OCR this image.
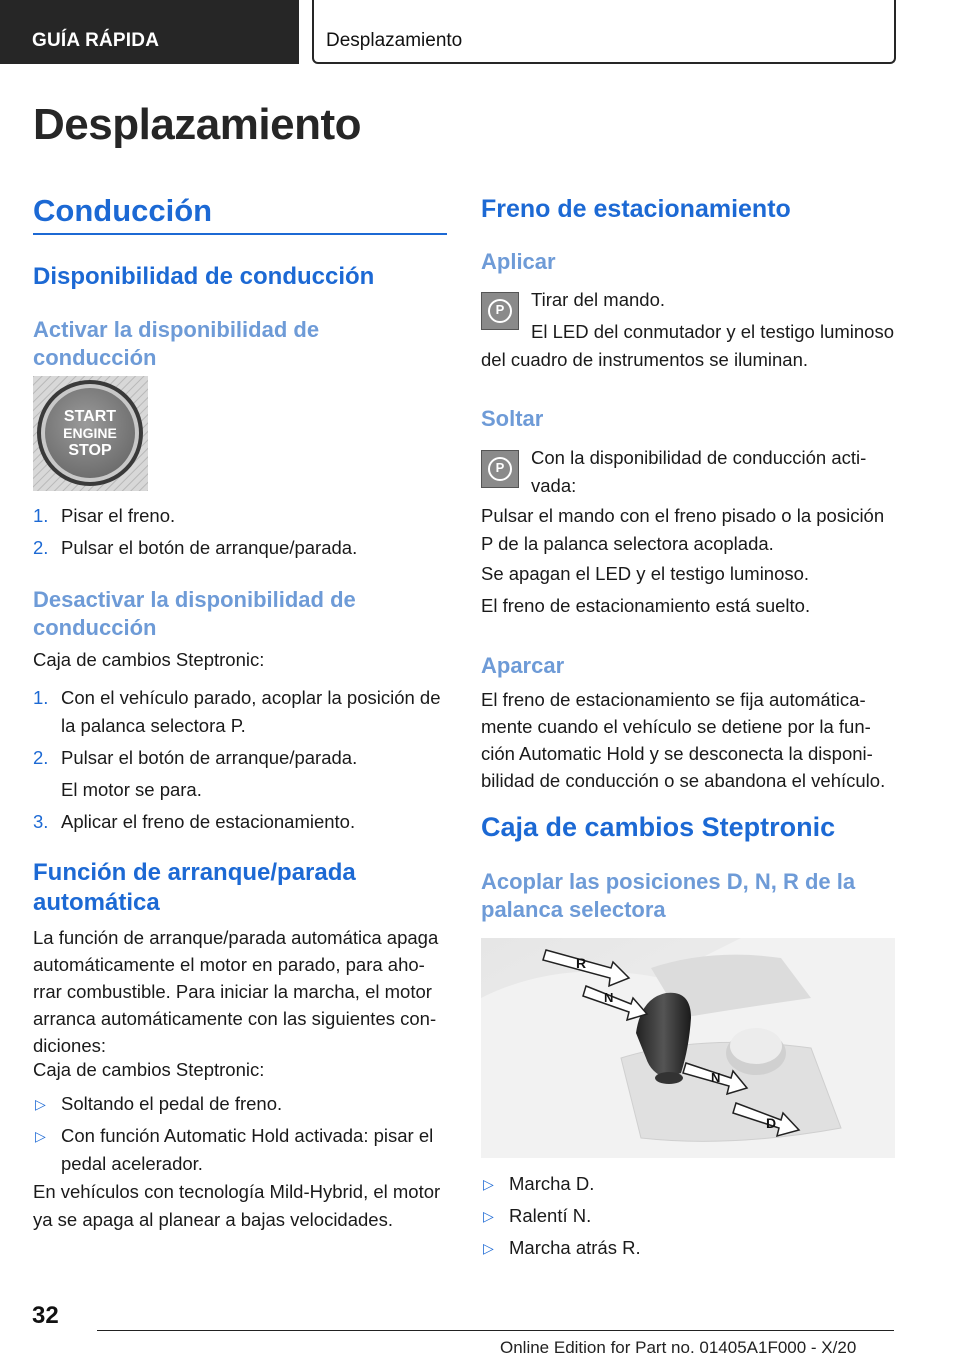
GUÍA RÁPIDA	Desplazamiento
Desplazamiento
Conducción
Disponibilidad de conducción
Activar la disponibilidad de conducción
START
ENGINE
STOP
1. Pisar el freno.
2. Pulsar el botón de arranque/parada.
Desactivar la disponibilidad de conducción
Caja de cambios Steptronic:
1. Con el vehículo parado, acoplar la posición de la palanca selectora P.
2. Pulsar el botón de arranque/parada.
El motor se para.
3. Aplicar el freno de estacionamiento.
Función de arranque/parada automática
La función de arranque/parada automática apaga automáticamente el motor en parado, para ahorrar combustible. Para iniciar la marcha, el motor arranca automáticamente con las siguientes condiciones:
Caja de cambios Steptronic:
▷ Soltando el pedal de freno.
▷ Con función Automatic Hold activada: pisar el pedal acelerador.
En vehículos con tecnología Mild-Hybrid, el motor ya se apaga al planear a bajas velocidades.
Freno de estacionamiento
Aplicar
P	Tirar del mando.
El LED del conmutador y el testigo luminoso del cuadro de instrumentos se iluminan.
Soltar
P	Con la disponibilidad de conducción activada:
Pulsar el mando con el freno pisado o la posición P de la palanca selectora acoplada.
Se apagan el LED y el testigo luminoso.
El freno de estacionamiento está suelto.
Aparcar
El freno de estacionamiento se fija automáticamente cuando el vehículo se detiene por la función Automatic Hold y se desconecta la disponibilidad de conducción o se abandona el vehículo.
Caja de cambios Steptronic
Acoplar las posiciones D, N, R de la palanca selectora
R
N
N
D
▷ Marcha D.
▷ Ralentí N.
▷ Marcha atrás R.
32
Online Edition for Part no. 01405A1F000 - X/20
